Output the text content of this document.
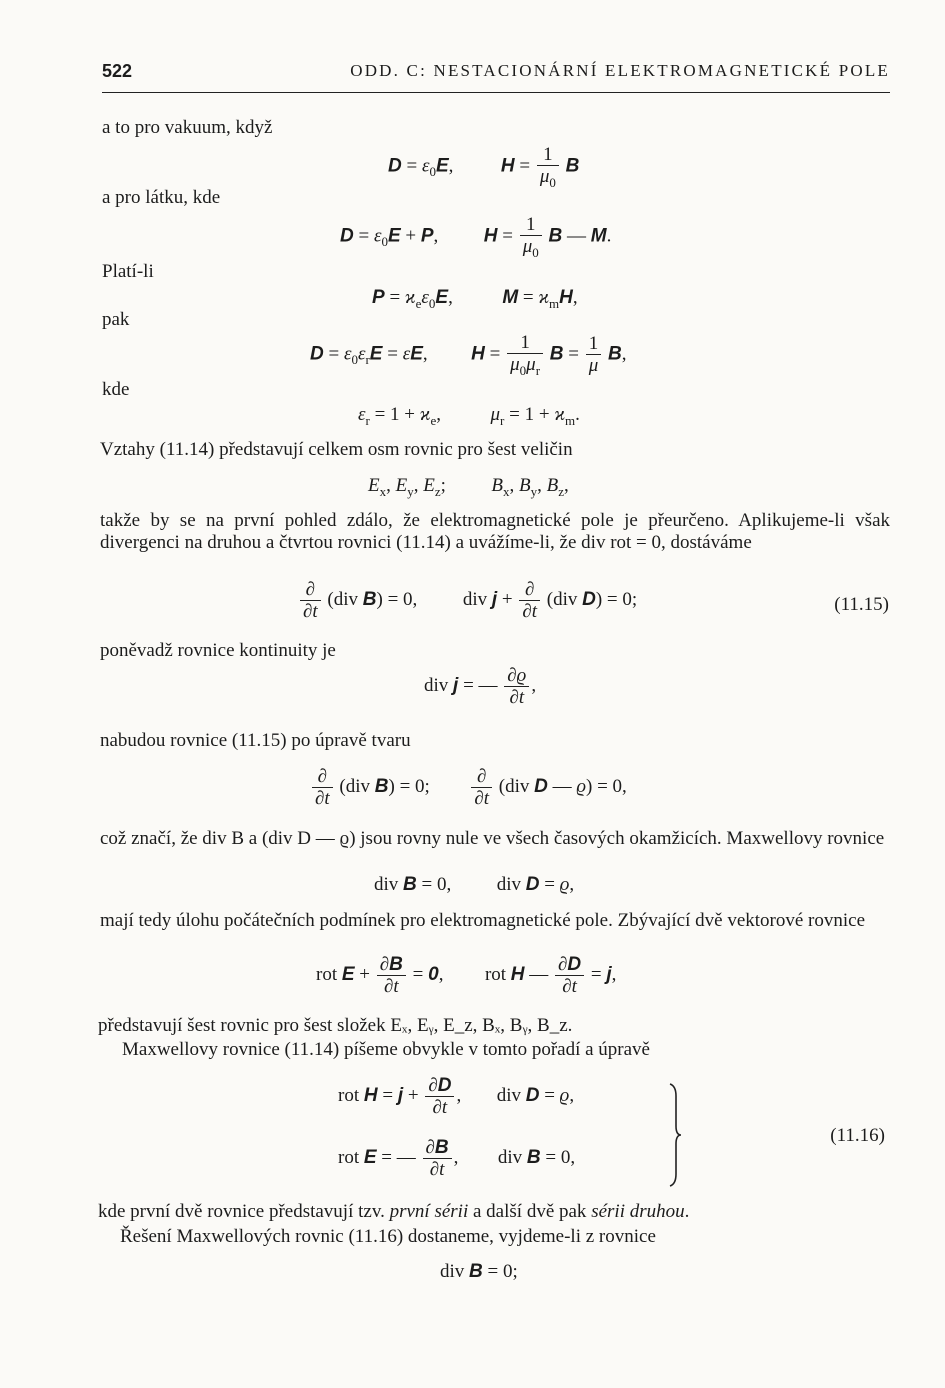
522	ODD. C: NESTACIONÁRNÍ ELEKTROMAGNETICKÉ POLE
a to pro vakuum, když
$D = \varepsilon_0E$,  $H = \frac{1}{\mu_0}$ B
a pro látku, kde
$D = \varepsilon_0E + P$,  $H = \frac{1}{\mu_0}$ B — M.
Platí-li
$P = ϰ_e\varepsilon_0E$,  $M = ϰ_mH$,
pak
$D = \varepsilon_0\varepsilon_rE = \varepsilon E$,  $H = \frac{1}{\mu_0\mu_r}$ $B = \frac{1}{\mu} B$,
kde
$\varepsilon_r = 1 + ϰ_e$,  $\mu_r = 1 + ϰ_m$.
Vztahy (11.14) představují celkem osm rovnic pro šest veličin
$E_x$, $E_y$, $E_z$;  $B_x$, $B_y$, $B_z$,
takže by se na první pohled zdálo, že elektromagnetické pole je přeurčeno. Aplikujeme-li však divergenci na druhou a čtvrtou rovnici (11.14) a uvážíme-li, že div rot = 0, dostáváme
∂
∂t
(div B) = 0,  div j + ∂
∂t
(div D) = 0;	(11.15)
poněvadž rovnice kontinuity je
div j = — $\frac{\partial ϱ}{\partial t}$ ,
nabudou rovnice (11.15) po úpravě tvaru
∂
∂t
(div B) = 0; ∂
∂t
(div D — ϱ) = 0,
což značí, že div B a (div D — ϱ) jsou rovny nule ve všech časových okamžicích. Maxwellovy rovnice
div B = 0,  div D = ϱ,
mají tedy úlohu počátečních podmínek pro elektromagnetické pole. Zbývající dvě vektorové rovnice
rot $E + \frac{\partial B}{\partial t} = 0$,  rot H — $\frac{\partial D}{\partial t} = j$,
představují šest rovnic pro šest složek Eₓ, Eᵧ, E_z, Bₓ, Bᵧ, B_z.
Maxwellovy rovnice (11.14) píšeme obvykle v tomto pořadí a úpravě
rot $H = j + \frac{\partial D}{\partial t}$ ,  div D = ϱ,
rot E = — $\frac{\partial B}{\partial t}$ ,  div B = 0,
(11.16)
kde první dvě rovnice představují tzv. první sérii a další dvě pak sérii druhou.
Řešení Maxwellových rovnic (11.16) dostaneme, vyjdeme-li z rovnice
div B = 0;
